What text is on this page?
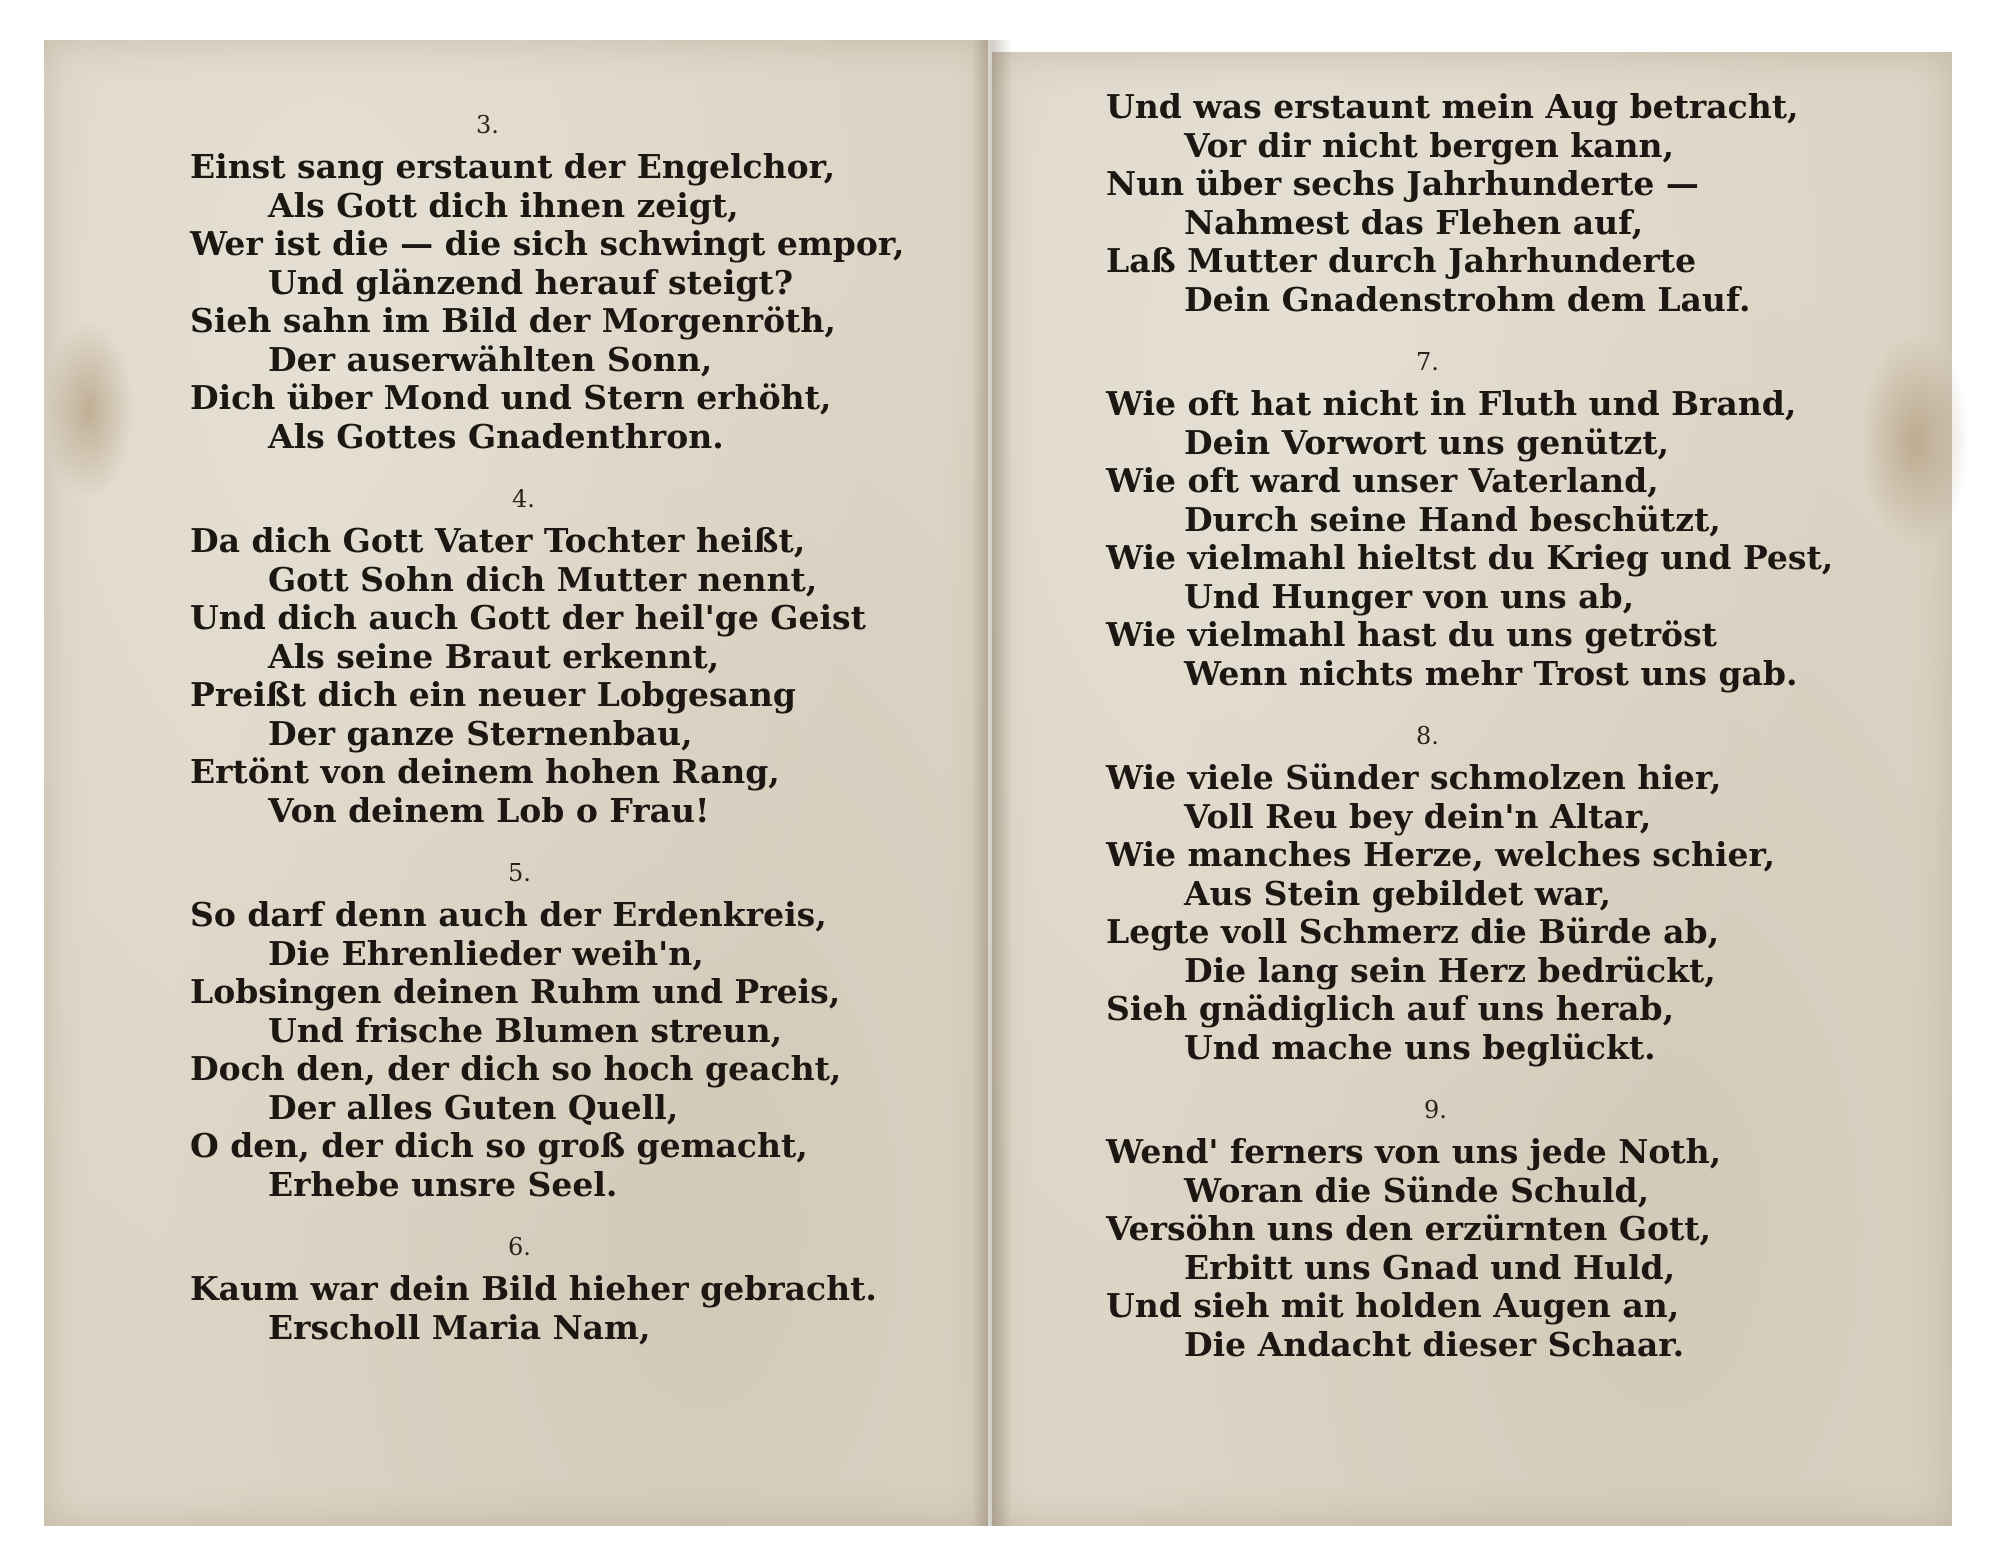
3.
Einst sang erstaunt der Engelchor,
Als Gott dich ihnen zeigt,
Wer ist die — die sich schwingt empor,
Und glänzend herauf steigt?
Sieh sahn im Bild der Morgenröth,
Der auserwählten Sonn,
Dich über Mond und Stern erhöht,
Als Gottes Gnadenthron.
4.
Da dich Gott Vater Tochter heißt,
Gott Sohn dich Mutter nennt,
Und dich auch Gott der heil'ge Geist
Als seine Braut erkennt,
Preißt dich ein neuer Lobgesang
Der ganze Sternenbau,
Ertönt von deinem hohen Rang,
Von deinem Lob o Frau!
5.
So darf denn auch der Erdenkreis,
Die Ehrenlieder weih'n,
Lobsingen deinen Ruhm und Preis,
Und frische Blumen streun,
Doch den, der dich so hoch geacht,
Der alles Guten Quell,
O den, der dich so groß gemacht,
Erhebe unsre Seel.
6.
Kaum war dein Bild hieher gebracht.
Erscholl Maria Nam,
Und was erstaunt mein Aug betracht,
Vor dir nicht bergen kann,
Nun über sechs Jahrhunderte —
Nahmest das Flehen auf,
Laß Mutter durch Jahrhunderte
Dein Gnadenstrohm dem Lauf.
7.
Wie oft hat nicht in Fluth und Brand,
Dein Vorwort uns genützt,
Wie oft ward unser Vaterland,
Durch seine Hand beschützt,
Wie vielmahl hieltst du Krieg und Pest,
Und Hunger von uns ab,
Wie vielmahl hast du uns getröst
Wenn nichts mehr Trost uns gab.
8.
Wie viele Sünder schmolzen hier,
Voll Reu bey dein'n Altar,
Wie manches Herze, welches schier,
Aus Stein gebildet war,
Legte voll Schmerz die Bürde ab,
Die lang sein Herz bedrückt,
Sieh gnädiglich auf uns herab,
Und mache uns beglückt.
9.
Wend' ferners von uns jede Noth,
Woran die Sünde Schuld,
Versöhn uns den erzürnten Gott,
Erbitt uns Gnad und Huld,
Und sieh mit holden Augen an,
Die Andacht dieser Schaar.
